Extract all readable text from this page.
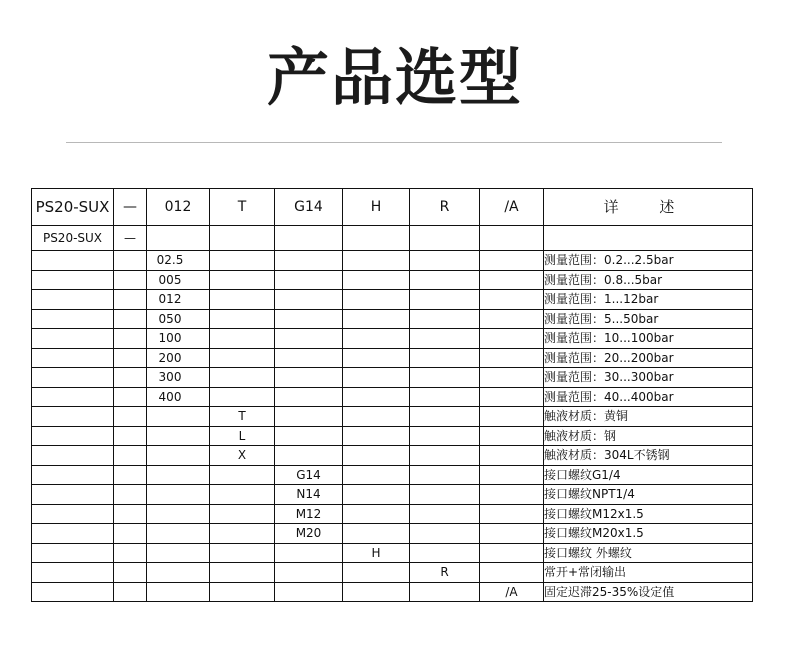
产品选型
PS20-SUX	—	012	T	G14	H	R	/A	详 述
PS20-SUX	—							
		02.5						测量范围：0.2...2.5bar
		005						测量范围：0.8...5bar
		012						测量范围：1...12bar
		050						测量范围：5...50bar
		100						测量范围：10...100bar
		200						测量范围：20...200bar
		300						测量范围：30...300bar
		400						测量范围：40...400bar
			T					触液材质：黄铜
			L					触液材质：钢
			X					触液材质：304L不锈钢
				G14				接口螺纹G1/4
				N14				接口螺纹NPT1/4
				M12				接口螺纹M12x1.5
				M20				接口螺纹M20x1.5
					H			接口螺纹 外螺纹
						R		常开+常闭输出
							/A	固定迟滞25-35%设定值
